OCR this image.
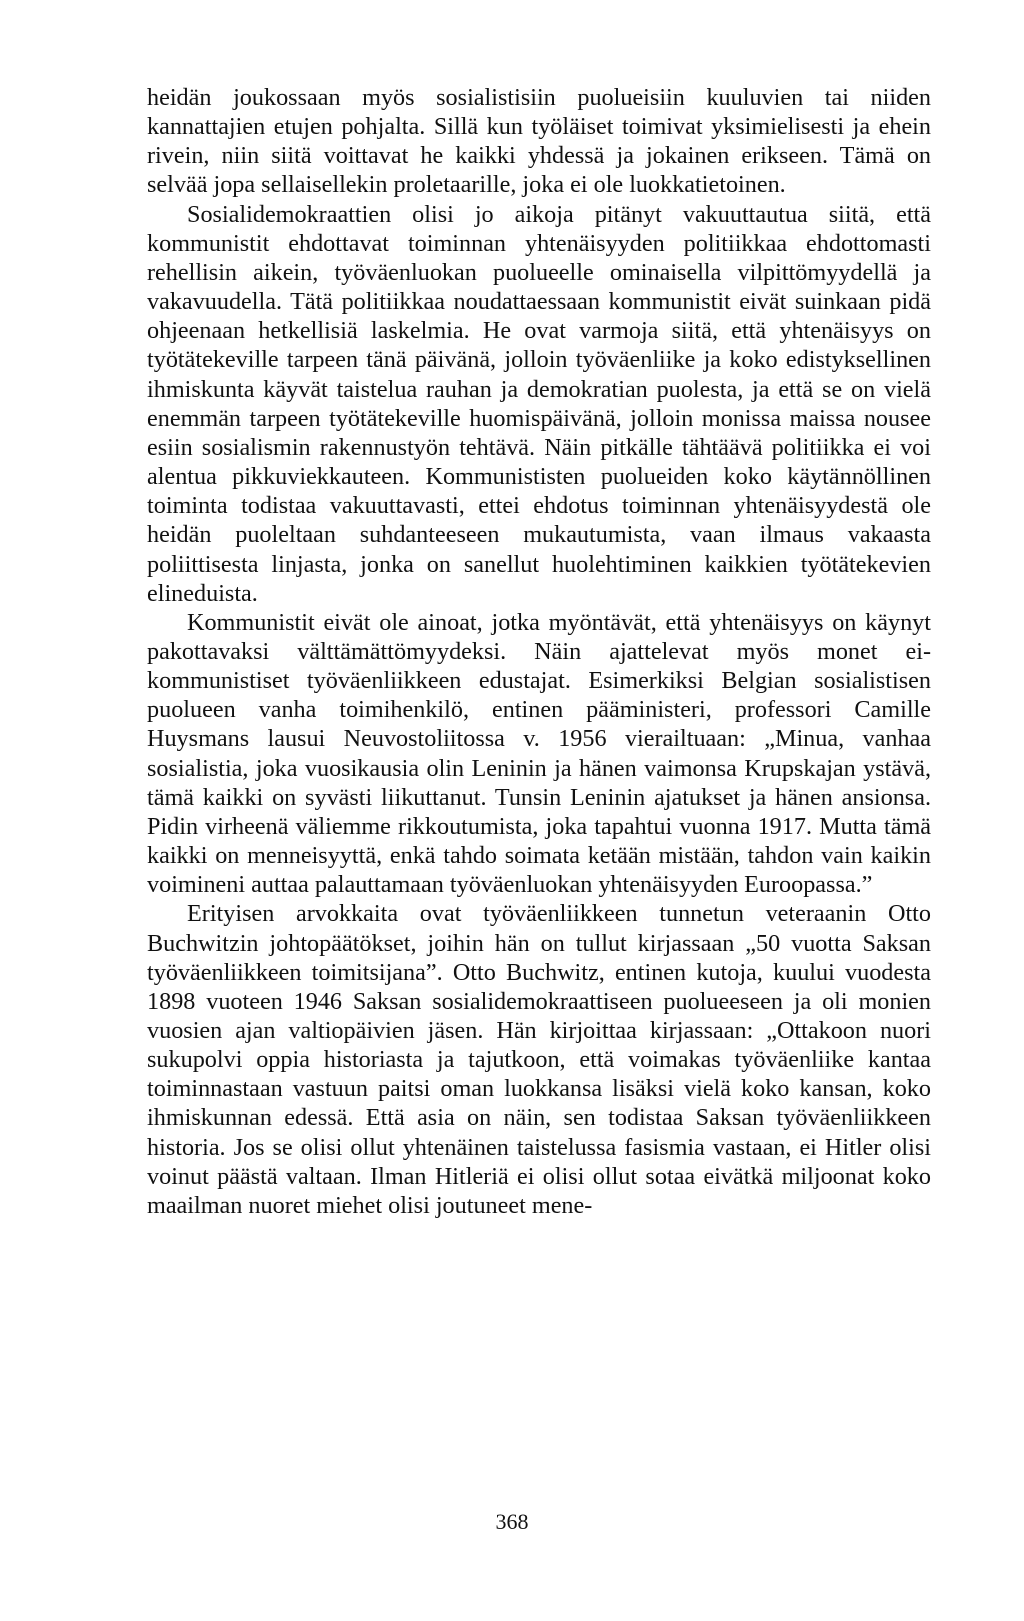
heidän joukossaan myös sosialistisiin puolueisiin kuuluvien tai niiden kannattajien etujen pohjalta. Sillä kun työläiset toimivat yksimielisesti ja ehein rivein, niin siitä voittavat he kaikki yhdessä ja jokainen erikseen. Tämä on selvää jopa sellaisellekin proletaarille, joka ei ole luokkatietoinen.

Sosialidemokraattien olisi jo aikoja pitänyt vakuuttautua siitä, että kommunistit ehdottavat toiminnan yhtenäisyyden politiikkaa ehdottomasti rehellisin aikein, työväenluokan puolueelle ominaisella vilpittömyydellä ja vakavuudella. Tätä politiikkaa noudattaessaan kommunistit eivät suinkaan pidä ohjeenaan hetkellisiä laskelmia. He ovat varmoja siitä, että yhtenäisyys on työtätekeville tarpeen tänä päivänä, jolloin työväenliike ja koko edistyksellinen ihmiskunta käyvät taistelua rauhan ja demokratian puolesta, ja että se on vielä enemmän tarpeen työtätekeville huomispäivänä, jolloin monissa maissa nousee esiin sosialismin rakennustyön tehtävä. Näin pitkälle tähtäävä politiikka ei voi alentua pikkuviekkauteen. Kommunististen puolueiden koko käytännöllinen toiminta todistaa vakuuttavasti, ettei ehdotus toiminnan yhtenäisyydestä ole heidän puoleltaan suhdanteeseen mukautumista, vaan ilmaus vakaasta poliittisesta linjasta, jonka on sanellut huolehtiminen kaikkien työtätekevien elineduista.

Kommunistit eivät ole ainoat, jotka myöntävät, että yhtenäisyys on käynyt pakottavaksi välttämättömyydeksi. Näin ajattelevat myös monet ei-kommunistiset työväenliikkeen edustajat. Esimerkiksi Belgian sosialistisen puolueen vanha toimihenkilö, entinen pääministeri, professori Camille Huysmans lausui Neuvostoliitossa v. 1956 vierailtuaan: „Minua, vanhaa sosialistia, joka vuosikausia olin Leninin ja hänen vaimonsa Krupskajan ystävä, tämä kaikki on syvästi liikuttanut. Tunsin Leninin ajatukset ja hänen ansionsa. Pidin virheenä väliemme rikkoutumista, joka tapahtui vuonna 1917. Mutta tämä kaikki on menneisyyttä, enkä tahdo soimata ketään mistään, tahdon vain kaikin voimineni auttaa palauttamaan työväenluokan yhtenäisyyden Euroopassa.”

Erityisen arvokkaita ovat työväenliikkeen tunnetun veteraanin Otto Buchwitzin johtopäätökset, joihin hän on tullut kirjassaan „50 vuotta Saksan työväenliikkeen toimitsijana”. Otto Buchwitz, entinen kutoja, kuului vuodesta 1898 vuoteen 1946 Saksan sosialidemokraattiseen puolueeseen ja oli monien vuosien ajan valtiopäivien jäsen. Hän kirjoittaa kirjassaan: „Ottakoon nuori sukupolvi oppia historiasta ja tajutkoon, että voimakas työväenliike kantaa toiminnastaan vastuun paitsi oman luokkansa lisäksi vielä koko kansan, koko ihmiskunnan edessä. Että asia on näin, sen todistaa Saksan työväenliikkeen historia. Jos se olisi ollut yhtenäinen taistelussa fasismia vastaan, ei Hitler olisi voinut päästä valtaan. Ilman Hitleriä ei olisi ollut sotaa eivätkä miljoonat koko maailman nuoret miehet olisi joutuneet mene-

368
